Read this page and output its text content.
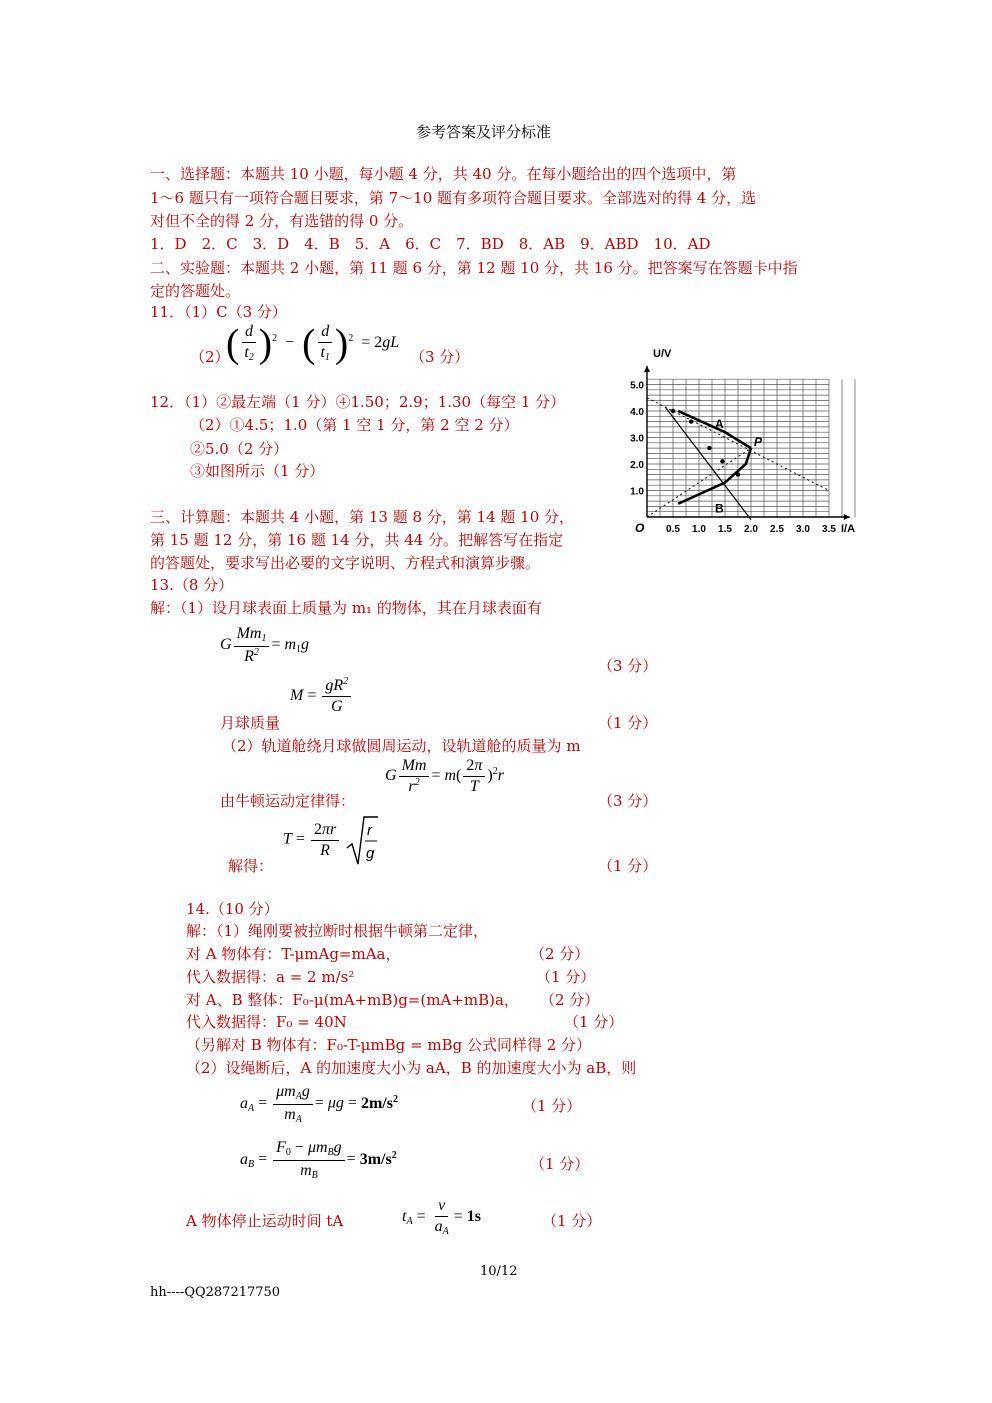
参考答案及评分标准
一、选择题：本题共 10 小题，每小题 4 分，共 40 分。在每小题给出的四个选项中，第
1～6 题只有一项符合题目要求，第 7～10 题有多项符合题目要求。全部选对的得 4 分，选
对但不全的得 2 分，有选错的得 0 分。
1．D　2．C　3．D　4．B　5．A　6．C　7．BD　8．AB　9．ABD　10．AD
二、实验题：本题共 2 小题，第 11 题 6 分，第 12 题 10 分，共 16 分。把答案写在答题卡中指
定的答题处。
11．（1）C（3 分）
（2）
( $\frac{d}{t_2} )^2$  −  ( $\frac{d}{t_1} )^2 = 2gL$
（3 分）
12．（1）②最左端（1 分）④1.50；2.9；1.30（每空 1 分）
（2）①4.5；1.0（第 1 空 1 分，第 2 空 2 分）
②5.0（2 分）
③如图所示（1 分）
0.5 1.0 1.5 2.0 2.5 3.0 3.5
1.0
2.0
3.0
4.0
5.0
A
B
P
U/V
I/A
O
三、计算题：本题共 4 小题，第 13 题 8 分，第 14 题 10 分，
第 15 题 12 分，第 16 题 14 分，共 44 分。把解答写在指定
的答题处，要求写出必要的文字说明、方程式和演算步骤。
13.（8 分）
解：（1）设月球表面上质量为 m₁ 的物体，其在月球表面有
G $\frac{Mm_1}{R^2} = m_1g$
（3 分）
$M = \frac{gR^2}{G}$
月球质量	（1 分）
（2）轨道舱绕月球做圆周运动，设轨道舱的质量为 m
G $\frac{Mm}{r^2} = m( \frac{2\pi}{T} )^2r$
由牛顿运动定律得：	（3 分）
$T = \frac{2\pi r}{R}$
r
g
解得：	（1 分）
14.（10 分）
解：（1）绳刚要被拉断时根据牛顿第二定律，
对 A 物体有：T-μmAg=mAa，	（2 分）
代入数据得：a = 2 m/s²	（1 分）
对 A、B 整体：F₀-μ(mA+mB)g=(mA+mB)a， （2 分）
代入数据得：F₀ = 40N	（1 分）
（另解对 B 物体有：F₀-T-μmBg = mBg 公式同样得 2 分）
（2）设绳断后，A 的加速度大小为 aA，B 的加速度大小为 aB，则
$a_A = \frac{\mu m_Ag}{m_A} = \mu g = 2m/s^2$	（1 分）
$a_B = \frac{F_0 - \mu m_Bg}{m_B} = 3m/s^2$	（1 分）
A 物体停止运动时间 tA	$t_A = \frac{v}{a_A} = 1s$	（1 分）
10/12
hh----QQ287217750
